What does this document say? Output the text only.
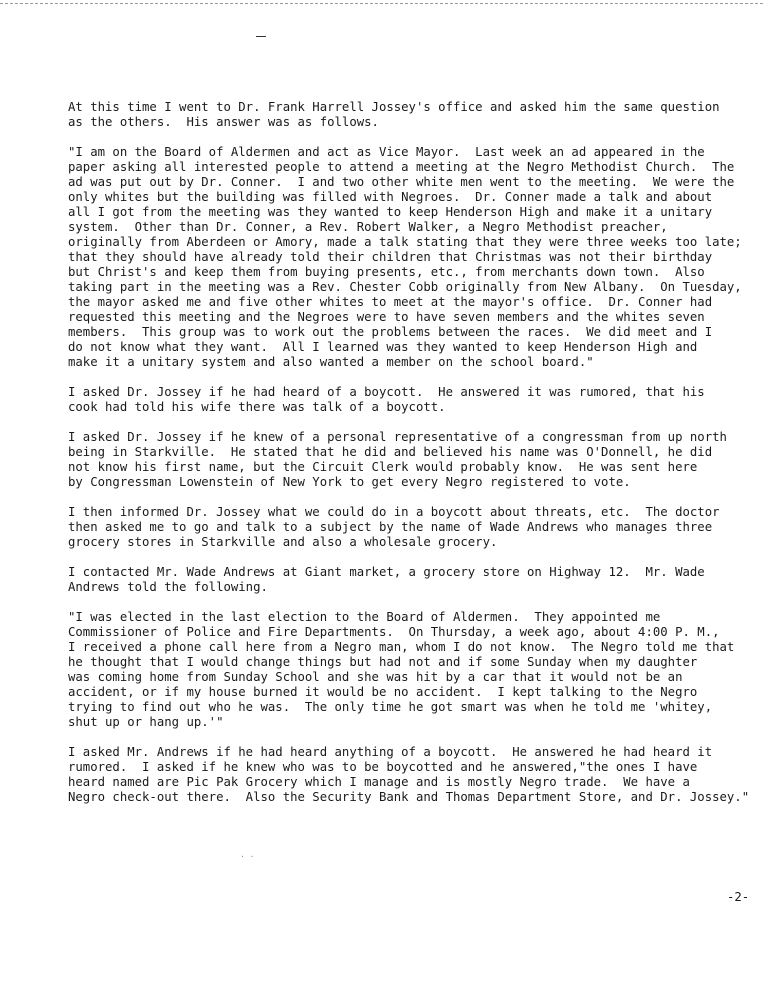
At this time I went to Dr. Frank Harrell Jossey's office and asked him the same question
as the others.  His answer was as follows.

"I am on the Board of Aldermen and act as Vice Mayor.  Last week an ad appeared in the
paper asking all interested people to attend a meeting at the Negro Methodist Church.  The
ad was put out by Dr. Conner.  I and two other white men went to the meeting.  We were the
only whites but the building was filled with Negroes.  Dr. Conner made a talk and about
all I got from the meeting was they wanted to keep Henderson High and make it a unitary
system.  Other than Dr. Conner, a Rev. Robert Walker, a Negro Methodist preacher,
originally from Aberdeen or Amory, made a talk stating that they were three weeks too late;
that they should have already told their children that Christmas was not their birthday
but Christ's and keep them from buying presents, etc., from merchants down town.  Also
taking part in the meeting was a Rev. Chester Cobb originally from New Albany.  On Tuesday,
the mayor asked me and five other whites to meet at the mayor's office.  Dr. Conner had
requested this meeting and the Negroes were to have seven members and the whites seven
members.  This group was to work out the problems between the races.  We did meet and I
do not know what they want.  All I learned was they wanted to keep Henderson High and
make it a unitary system and also wanted a member on the school board."

I asked Dr. Jossey if he had heard of a boycott.  He answered it was rumored, that his
cook had told his wife there was talk of a boycott.

I asked Dr. Jossey if he knew of a personal representative of a congressman from up north
being in Starkville.  He stated that he did and believed his name was O'Donnell, he did
not know his first name, but the Circuit Clerk would probably know.  He was sent here
by Congressman Lowenstein of New York to get every Negro registered to vote.

I then informed Dr. Jossey what we could do in a boycott about threats, etc.  The doctor
then asked me to go and talk to a subject by the name of Wade Andrews who manages three
grocery stores in Starkville and also a wholesale grocery.

I contacted Mr. Wade Andrews at Giant market, a grocery store on Highway 12.  Mr. Wade
Andrews told the following.

"I was elected in the last election to the Board of Aldermen.  They appointed me
Commissioner of Police and Fire Departments.  On Thursday, a week ago, about 4:00 P. M.,
I received a phone call here from a Negro man, whom I do not know.  The Negro told me that
he thought that I would change things but had not and if some Sunday when my daughter
was coming home from Sunday School and she was hit by a car that it would not be an
accident, or if my house burned it would be no accident.  I kept talking to the Negro
trying to find out who he was.  The only time he got smart was when he told me 'whitey,
shut up or hang up.'"

I asked Mr. Andrews if he had heard anything of a boycott.  He answered he had heard it
rumored.  I asked if he knew who was to be boycotted and he answered,"the ones I have
heard named are Pic Pak Grocery which I manage and is mostly Negro trade.  We have a
Negro check-out there.  Also the Security Bank and Thomas Department Store, and Dr. Jossey."

· ·
-2-
